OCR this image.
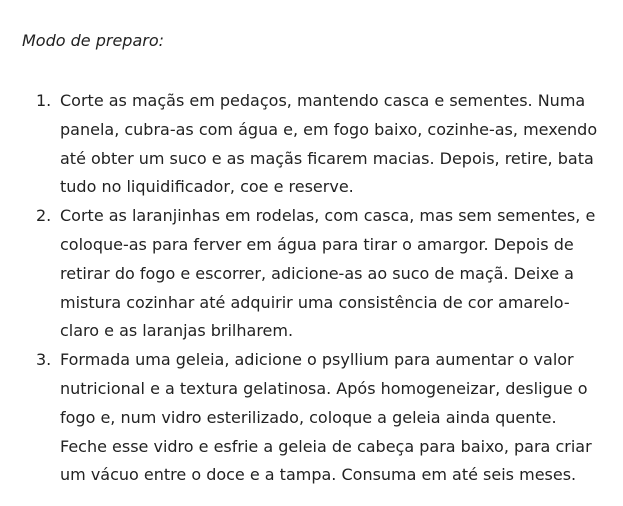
Modo de preparo:

1. Corte as maçãs em pedaços, mantendo casca e sementes. Numa panela, cubra-as com água e, em fogo baixo, cozinhe-as, mexendo até obter um suco e as maçãs ficarem macias. Depois, retire, bata tudo no liquidificador, coe e reserve.
2. Corte as laranjinhas em rodelas, com casca, mas sem sementes, e coloque-as para ferver em água para tirar o amargor. Depois de retirar do fogo e escorrer, adicione-as ao suco de maçã. Deixe a mistura cozinhar até adquirir uma consistência de cor amarelo-claro e as laranjas brilharem.
3. Formada uma geleia, adicione o psyllium para aumentar o valor nutricional e a textura gelatinosa. Após homogeneizar, desligue o fogo e, num vidro esterilizado, coloque a geleia ainda quente. Feche esse vidro e esfrie a geleia de cabeça para baixo, para criar um vácuo entre o doce e a tampa. Consuma em até seis meses.
